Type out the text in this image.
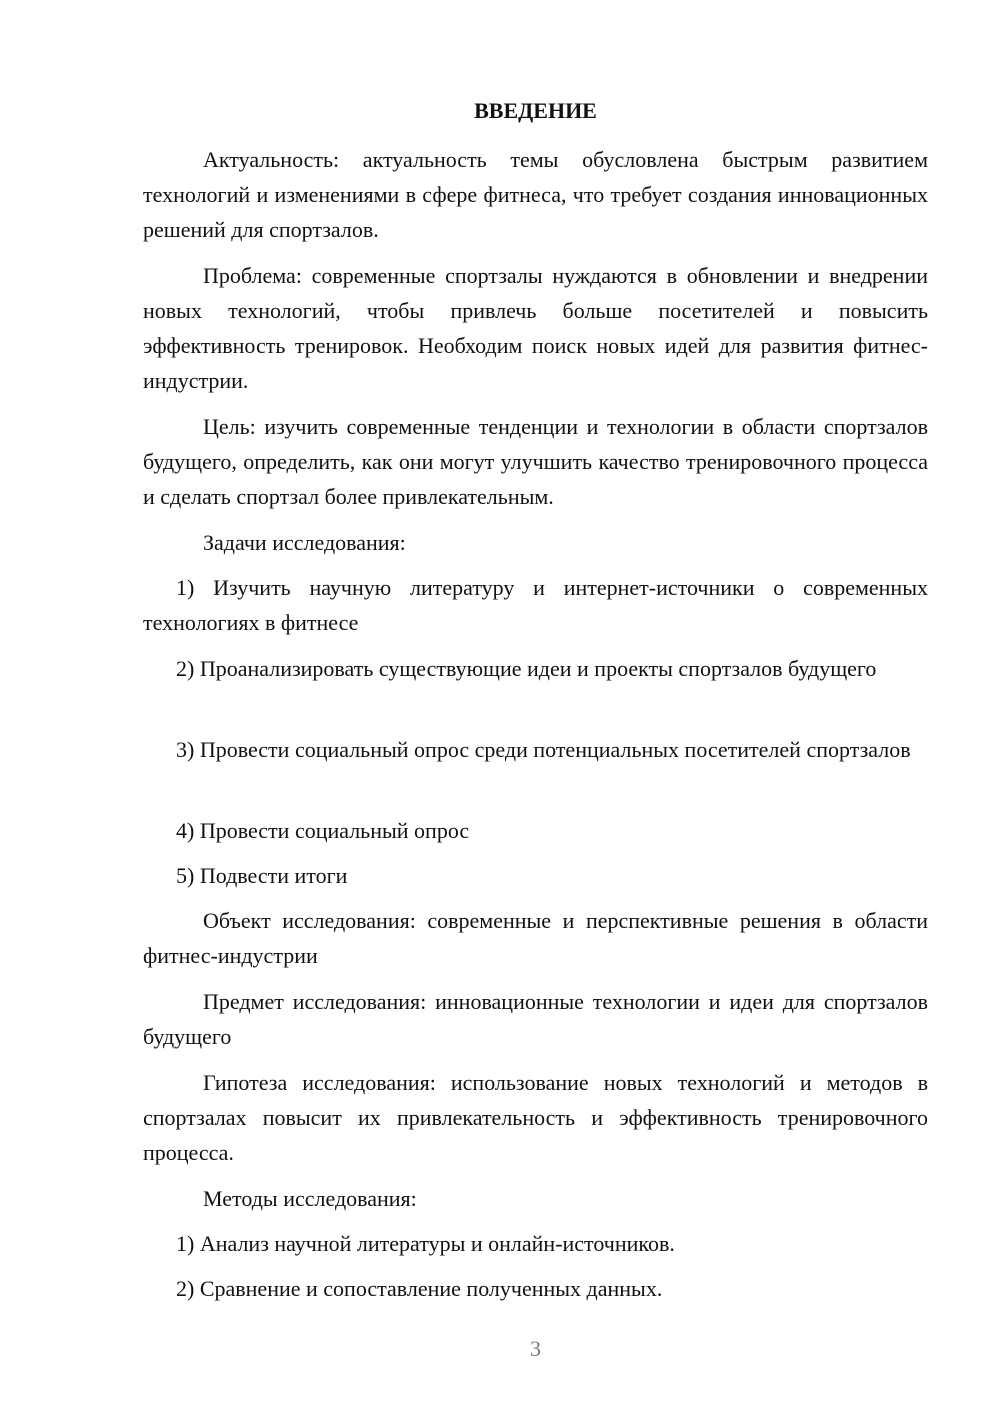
ВВЕДЕНИЕ

Актуальность: актуальность темы обусловлена быстрым развитием технологий и изменениями в сфере фитнеса, что требует создания инновационных решений для спортзалов.

Проблема: современные спортзалы нуждаются в обновлении и внедрении новых технологий, чтобы привлечь больше посетителей и повысить эффективность тренировок. Необходим поиск новых идей для развития фитнес-индустрии.

Цель: изучить современные тенденции и технологии в области спортзалов будущего, определить, как они могут улучшить качество тренировочного процесса и сделать спортзал более привлекательным.

Задачи исследования:

1) Изучить научную литературу и интернет-источники о современных технологиях в фитнесе

2) Проанализировать существующие идеи и проекты спортзалов будущего

3) Провести социальный опрос среди потенциальных посетителей спортзалов

4) Провести социальный опрос

5) Подвести итоги

Объект исследования: современные и перспективные решения в области фитнес-индустрии

Предмет исследования: инновационные технологии и идеи для спортзалов будущего

Гипотеза исследования: использование новых технологий и методов в спортзалах повысит их привлекательность и эффективность тренировочного процесса.

Методы исследования:

1) Анализ научной литературы и онлайн-источников.

2) Сравнение и сопоставление полученных данных.

3
